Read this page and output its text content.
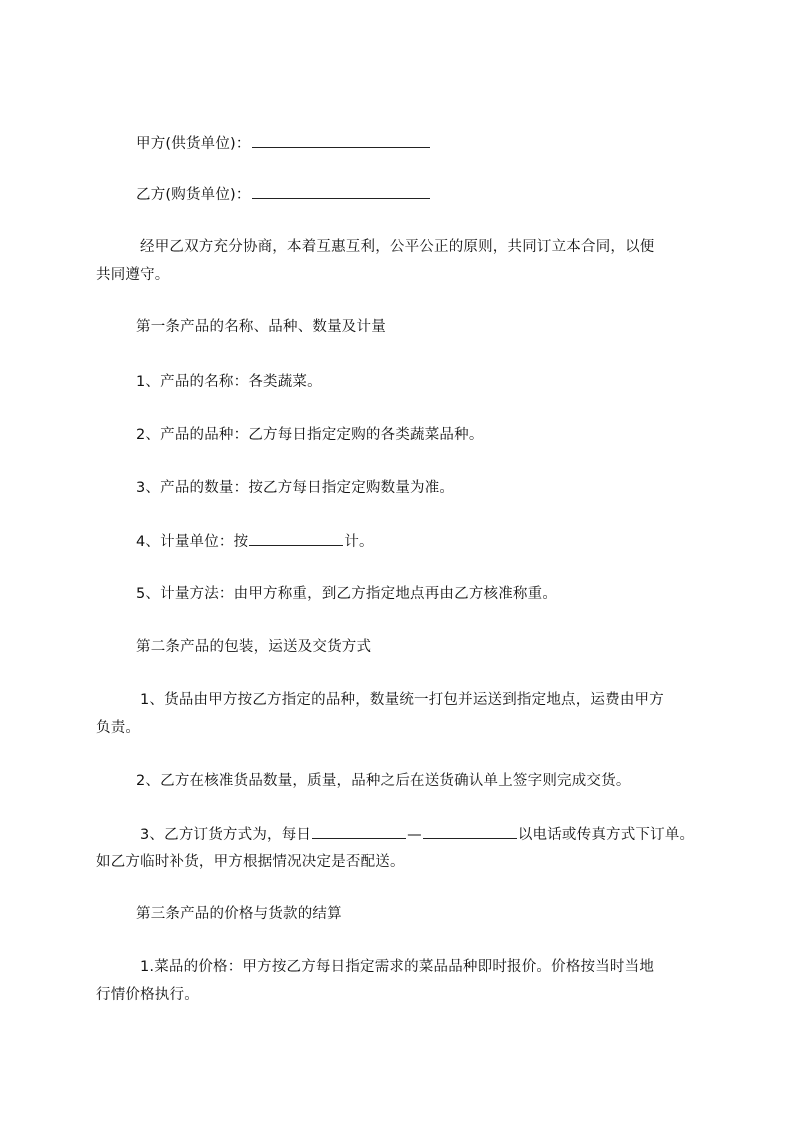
甲方(供货单位)：
乙方(购货单位)：
经甲乙双方充分协商，本着互惠互利，公平公正的原则，共同订立本合同，以便
共同遵守。
第一条产品的名称、品种、数量及计量
1、产品的名称：各类蔬菜。
2、产品的品种：乙方每日指定定购的各类蔬菜品种。
3、产品的数量：按乙方每日指定定购数量为准。
4、计量单位：按	计。
5、计量方法：由甲方称重，到乙方指定地点再由乙方核准称重。
第二条产品的包装，运送及交货方式
1、货品由甲方按乙方指定的品种，数量统一打包并运送到指定地点，运费由甲方
负责。
2、乙方在核准货品数量，质量，品种之后在送货确认单上签字则完成交货。
3、乙方订货方式为，每日	—	以电话或传真方式下订单。
如乙方临时补货，甲方根据情况决定是否配送。
第三条产品的价格与货款的结算
1.菜品的价格：甲方按乙方每日指定需求的菜品品种即时报价。价格按当时当地
行情价格执行。
